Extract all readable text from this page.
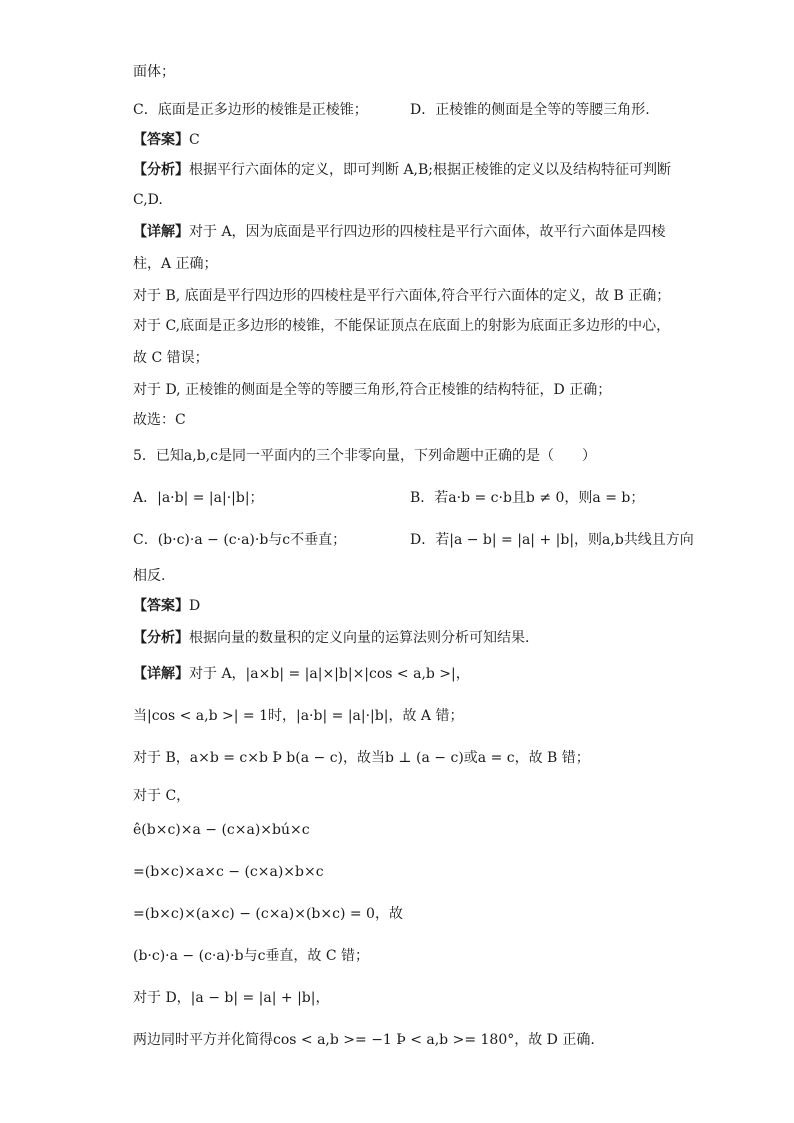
面体；
C．底面是正多边形的棱锥是正棱锥；
【答案】C
【分析】根据平行六面体的定义，即可判断 A,B;根据正棱锥的定义以及结构特征可判断
C,D.
【详解】对于 A，因为底面是平行四边形的四棱柱是平行六面体，故平行六面体是四棱
柱，A 正确；
对于 B, 底面是平行四边形的四棱柱是平行六面体,符合平行六面体的定义，故 B 正确；
对于 C,底面是正多边形的棱锥，不能保证顶点在底面上的射影为底面正多边形的中心，
故 C 错误；
对于 D, 正棱锥的侧面是全等的等腰三角形,符合正棱锥的结构特征，D 正确；
故选：C
5．已知a,b,c是同一平面内的三个非零向量，下列命题中正确的是（　　）
A．|a·b| = |a|·|b|；
C．(b·c)·a − (c·a)·b与c不垂直；
相反.
【答案】D
【分析】根据向量的数量积的定义向量的运算法则分析可知结果.
【详解】对于 A，|a×b| = |a|×|b|×|cos < a,b >|，
当|cos < a,b >| = 1时，|a·b| = |a|·|b|，故 A 错；
对于 B，a×b = c×b Þ b(a − c)，故当b ⊥ (a − c)或a = c，故 B 错；
对于 C，
ê(b×c)×a − (c×a)×bú×c
=(b×c)×a×c − (c×a)×b×c
=(b×c)×(a×c) − (c×a)×(b×c) = 0，故
(b·c)·a − (c·a)·b与c垂直，故 C 错；
对于 D，|a − b| = |a| + |b|，
两边同时平方并化简得cos < a,b >= −1 Þ < a,b >= 180°，故 D 正确.
D．正棱锥的侧面是全等的等腰三角形.
B．若a·b = c·b且b ≠ 0，则a = b；
D．若|a − b| = |a| + |b|，则a,b共线且方向
